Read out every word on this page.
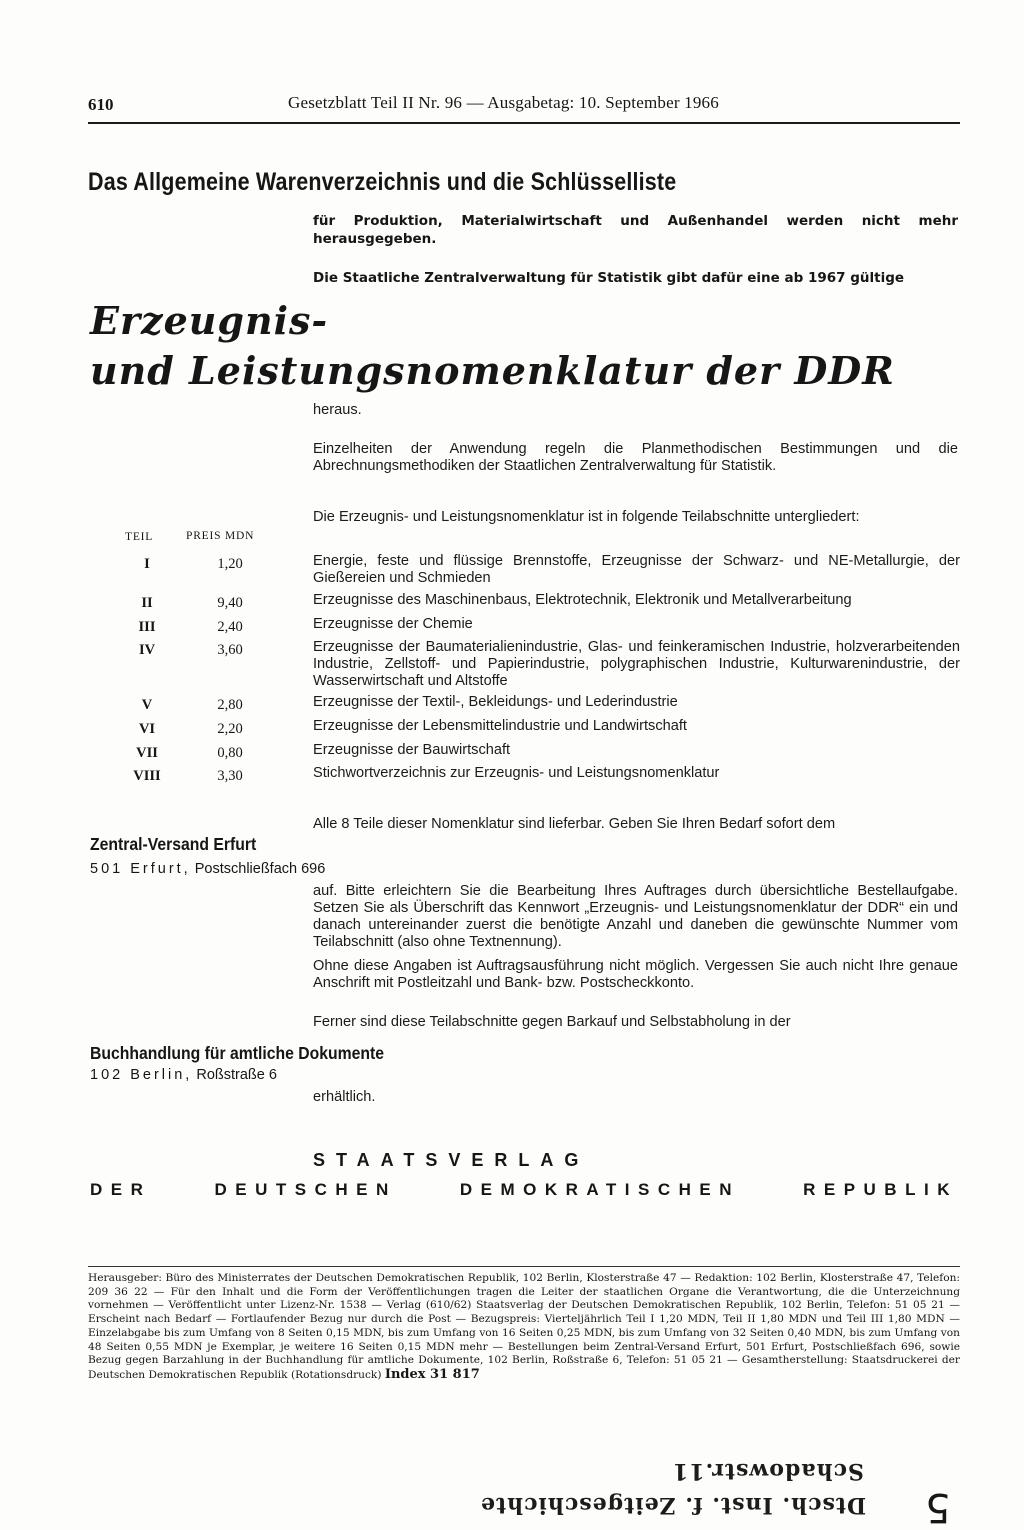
610	Gesetzblatt Teil II Nr. 96 — Ausgabetag: 10. September 1966
Das Allgemeine Warenverzeichnis und die Schlüsselliste
für Produktion, Materialwirtschaft und Außenhandel werden nicht mehr herausgegeben.
Die Staatliche Zentralverwaltung für Statistik gibt dafür eine ab 1967 gültige
Erzeugnis-
und Leistungsnomenklatur der DDR
heraus.
Einzelheiten der Anwendung regeln die Planmethodischen Bestimmungen und die Abrechnungsmethodiken der Staatlichen Zentralverwaltung für Statistik.
Die Erzeugnis- und Leistungsnomenklatur ist in folgende Teilabschnitte untergliedert:
TEIL	PREIS MDN
I	1,20	Energie, feste und flüssige Brennstoffe, Erzeugnisse der Schwarz- und NE-Metallurgie, der Gießereien und Schmieden
II	9,40	Erzeugnisse des Maschinenbaus, Elektrotechnik, Elektronik und Metallverarbeitung
III	2,40	Erzeugnisse der Chemie
IV	3,60	Erzeugnisse der Baumaterialienindustrie, Glas- und feinkeramischen Industrie, holzverarbeitenden Industrie, Zellstoff- und Papierindustrie, polygraphischen Industrie, Kulturwarenindustrie, der Wasserwirtschaft und Altstoffe
V	2,80	Erzeugnisse der Textil-, Bekleidungs- und Lederindustrie
VI	2,20	Erzeugnisse der Lebensmittelindustrie und Landwirtschaft
VII	0,80	Erzeugnisse der Bauwirtschaft
VIII	3,30	Stichwortverzeichnis zur Erzeugnis- und Leistungsnomenklatur
Alle 8 Teile dieser Nomenklatur sind lieferbar. Geben Sie Ihren Bedarf sofort dem
Zentral-Versand Erfurt
501 Erfurt, Postschließfach 696
auf. Bitte erleichtern Sie die Bearbeitung Ihres Auftrages durch übersichtliche Bestellaufgabe. Setzen Sie als Überschrift das Kennwort „Erzeugnis- und Leistungsnomenklatur der DDR“ ein und danach untereinander zuerst die benötigte Anzahl und daneben die gewünschte Nummer vom Teilabschnitt (also ohne Textnennung).
Ohne diese Angaben ist Auftragsausführung nicht möglich. Vergessen Sie auch nicht Ihre genaue Anschrift mit Postleitzahl und Bank- bzw. Postscheckkonto.
Ferner sind diese Teilabschnitte gegen Barkauf und Selbstabholung in der
Buchhandlung für amtliche Dokumente
102 Berlin, Roßstraße 6
erhältlich.
STAATSVERLAG
DER	DEUTSCHEN	DEMOKRATISCHEN	REPUBLIK
Herausgeber: Büro des Ministerrates der Deutschen Demokratischen Republik, 102 Berlin, Klosterstraße 47 — Redaktion: 102 Berlin, Klosterstraße 47, Telefon: 209 36 22 — Für den Inhalt und die Form der Veröffentlichungen tragen die Leiter der staatlichen Organe die Verantwortung, die die Unterzeichnung vornehmen — Veröffentlicht unter Lizenz-Nr. 1538 — Verlag (610/62) Staatsverlag der Deutschen Demokratischen Republik, 102 Berlin, Telefon: 51 05 21 — Erscheint nach Bedarf — Fortlaufender Bezug nur durch die Post — Bezugspreis: Vierteljährlich Teil I 1,20 MDN, Teil II 1,80 MDN und Teil III 1,80 MDN — Einzelabgabe bis zum Umfang von 8 Seiten 0,15 MDN, bis zum Umfang von 16 Seiten 0,25 MDN, bis zum Umfang von 32 Seiten 0,40 MDN, bis zum Umfang von 48 Seiten 0,55 MDN je Exemplar, je weitere 16 Seiten 0,15 MDN mehr — Bestellungen beim Zentral-Versand Erfurt, 501 Erfurt, Postschließfach 696, sowie Bezug gegen Barzahlung in der Buchhandlung für amtliche Dokumente, 102 Berlin, Roßstraße 6, Telefon: 51 05 21 — Gesamtherstellung: Staatsdruckerei der Deutschen Demokratischen Republik (Rotationsdruck) Index 31 817
Schadowstr.11
Dtsch. Inst. f. Zeitgeschichte 5
